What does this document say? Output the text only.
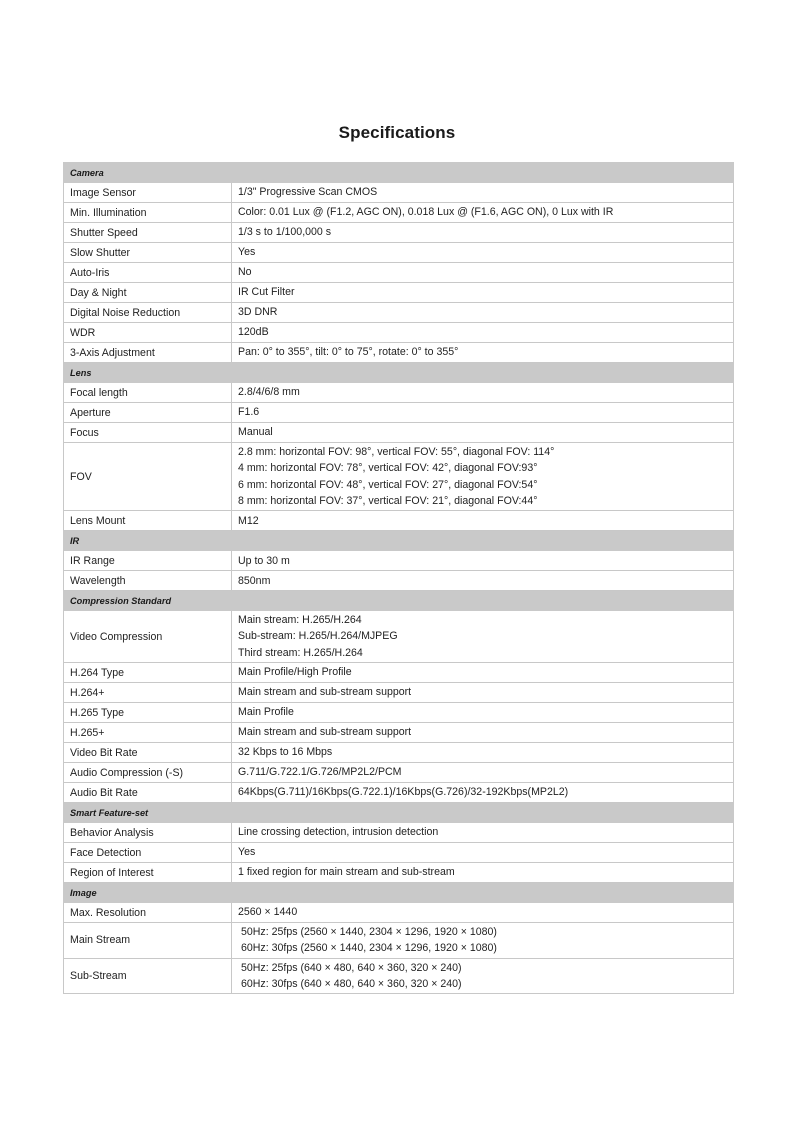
Specifications
Camera	
Image Sensor	1/3" Progressive Scan CMOS

Min. Illumination	Color: 0.01 Lux @ (F1.2, AGC ON), 0.018 Lux @ (F1.6, AGC ON), 0 Lux with IR

Shutter Speed	1/3 s to 1/100,000 s

Slow Shutter	Yes

Auto-Iris	No

Day & Night	IR Cut Filter

Digital Noise Reduction	3D DNR

WDR	120dB

3-Axis Adjustment	Pan: 0° to 355°, tilt: 0° to 75°, rotate: 0° to 355°

Lens	
Focal length	2.8/4/6/8 mm

Aperture	F1.6

Focus	Manual

FOV	2.8 mm: horizontal FOV: 98°, vertical FOV: 55°, diagonal FOV: 114°
4 mm: horizontal FOV: 78°, vertical FOV: 42°, diagonal FOV:93°
6 mm: horizontal FOV: 48°, vertical FOV: 27°, diagonal FOV:54°
8 mm: horizontal FOV: 37°, vertical FOV: 21°, diagonal FOV:44°

Lens Mount	M12

IR	
IR Range	Up to 30 m

Wavelength	850nm

Compression Standard	
Video Compression	Main stream: H.265/H.264
Sub-stream: H.265/H.264/MJPEG
Third stream: H.265/H.264

H.264 Type	Main Profile/High Profile

H.264+	Main stream and sub-stream support

H.265 Type	Main Profile

H.265+	Main stream and sub-stream support

Video Bit Rate	32 Kbps to 16 Mbps

Audio Compression (-S)	G.711/G.722.1/G.726/MP2L2/PCM

Audio Bit Rate	64Kbps(G.711)/16Kbps(G.722.1)/16Kbps(G.726)/32-192Kbps(MP2L2)

Smart Feature-set	
Behavior Analysis	Line crossing detection, intrusion detection

Face Detection	Yes

Region of Interest	1 fixed region for main stream and sub-stream

Image	
Max. Resolution	2560 × 1440

Main Stream	50Hz: 25fps (2560 × 1440, 2304 × 1296, 1920 × 1080)
60Hz: 30fps (2560 × 1440, 2304 × 1296, 1920 × 1080)

Sub-Stream	50Hz: 25fps (640 × 480, 640 × 360, 320 × 240)
60Hz: 30fps (640 × 480, 640 × 360, 320 × 240)
